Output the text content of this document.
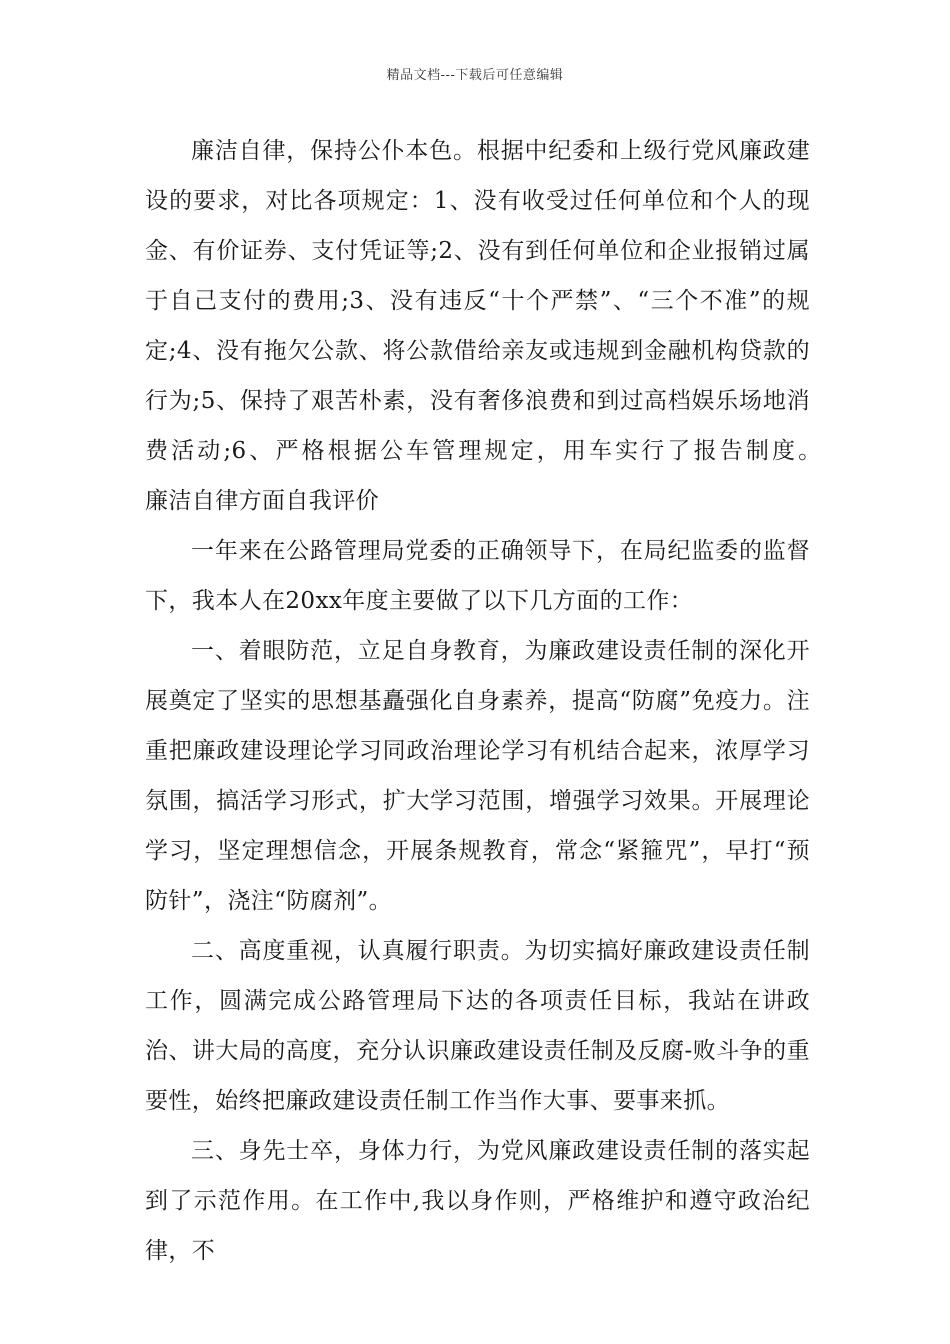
精品文档---下载后可任意编辑

廉洁自律，保持公仆本色。根据中纪委和上级行党风廉政建设的要求，对比各项规定：1、没有收受过任何单位和个人的现金、有价证券、支付凭证等;2、没有到任何单位和企业报销过属于自己支付的费用;3、没有违反“十个严禁”、“三个不准”的规定;4、没有拖欠公款、将公款借给亲友或违规到金融机构贷款的行为;5、保持了艰苦朴素，没有奢侈浪费和到过高档娱乐场地消费活动;6、严格根据公车管理规定，用车实行了报告制度。　　廉洁自律方面自我评价

一年来在公路管理局党委的正确领导下，在局纪监委的监督下，我本人在20xx年度主要做了以下几方面的工作：

一、着眼防范，立足自身教育，为廉政建设责任制的深化开展奠定了坚实的思想基矗强化自身素养，提高“防腐”免疫力。注重把廉政建设理论学习同政治理论学习有机结合起来，浓厚学习氛围，搞活学习形式，扩大学习范围，增强学习效果。开展理论学习，坚定理想信念，开展条规教育，常念“紧箍咒”，早打“预防针”，浇注“防腐剂”。

二、高度重视，认真履行职责。为切实搞好廉政建设责任制工作，圆满完成公路管理局下达的各项责任目标，我站在讲政治、讲大局的高度，充分认识廉政建设责任制及反腐-败斗争的重要性，始终把廉政建设责任制工作当作大事、要事来抓。

三、身先士卒，身体力行，为党风廉政建设责任制的落实起到了示范作用。在工作中,我以身作则，严格维护和遵守政治纪律，不
